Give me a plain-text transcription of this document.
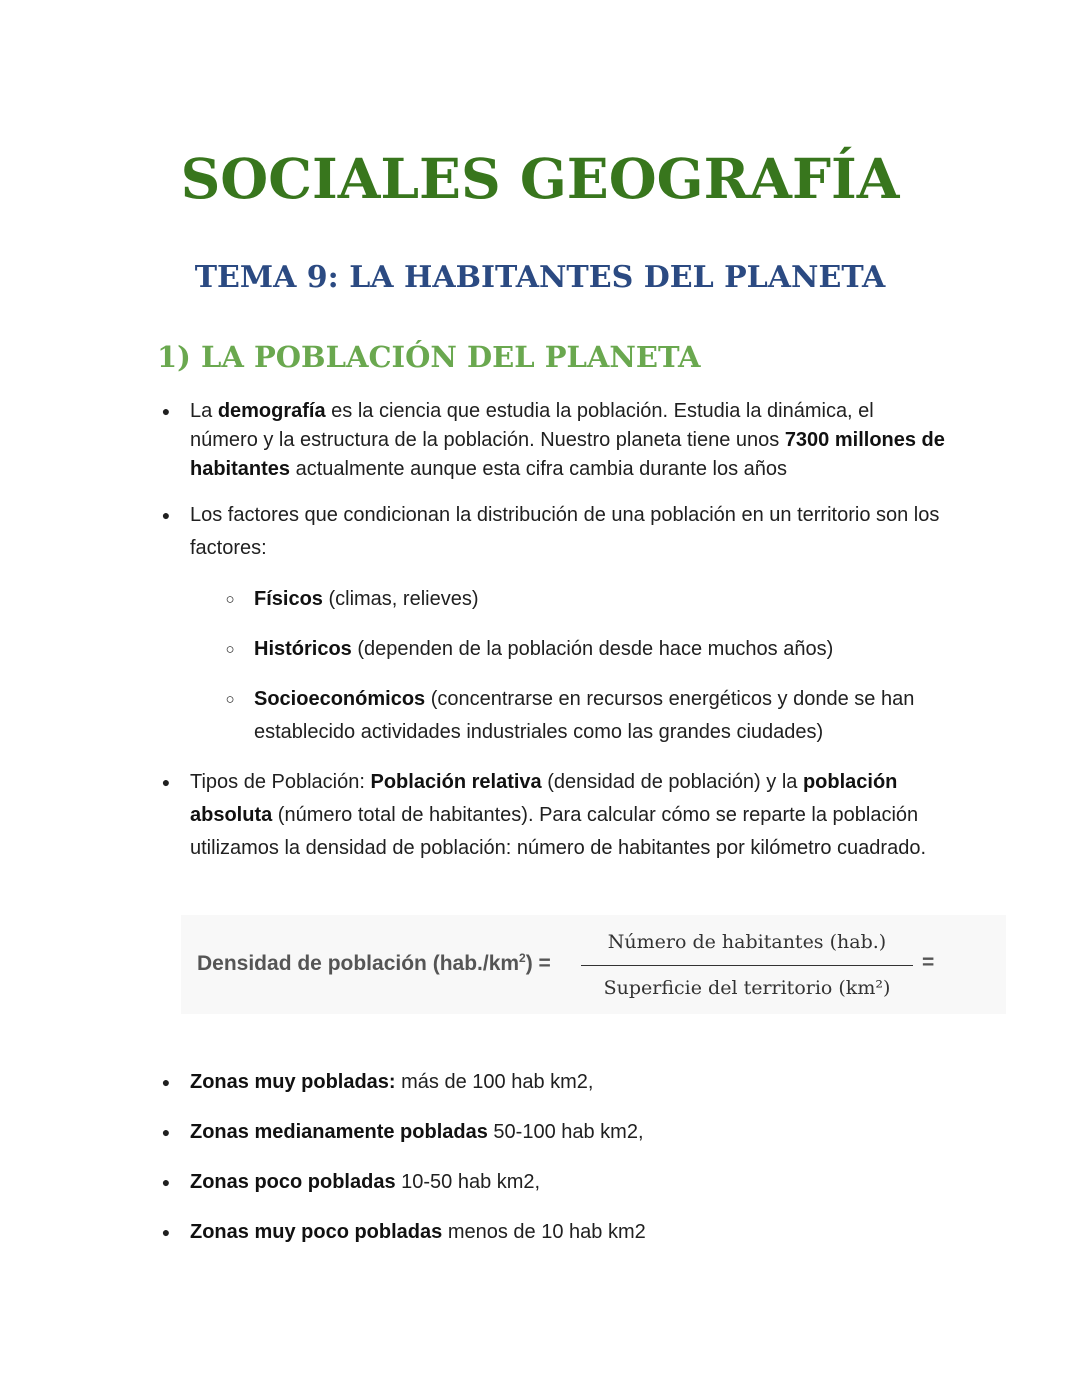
SOCIALES GEOGRAFÍA
TEMA 9: LA HABITANTES DEL PLANETA
1) LA POBLACIÓN DEL PLANETA

● La demografía es la ciencia que estudia la población. Estudia la dinámica, el número y la estructura de la población. Nuestro planeta tiene unos 7300 millones de habitantes actualmente aunque esta cifra cambia durante los años

● Los factores que condicionan la distribución de una población en un territorio son los factores:

○ Físicos (climas, relieves)

○ Históricos (dependen de la población desde hace muchos años)

○ Socioeconómicos (concentrarse en recursos energéticos y donde se han establecido actividades industriales como las grandes ciudades)

● Tipos de Población: Población relativa (densidad de población) y la población absoluta (número total de habitantes). Para calcular cómo se reparte la población utilizamos la densidad de población: número de habitantes por kilómetro cuadrado.

Densidad de población $(hab./km^2)$ =
Número de habitantes (hab.)
Superficie del territorio (km²)
=

● Zonas muy pobladas: más de 100 hab km2,

● Zonas medianamente pobladas 50-100 hab km2,

● Zonas poco pobladas 10-50 hab km2,

● Zonas muy poco pobladas menos de 10 hab km2
